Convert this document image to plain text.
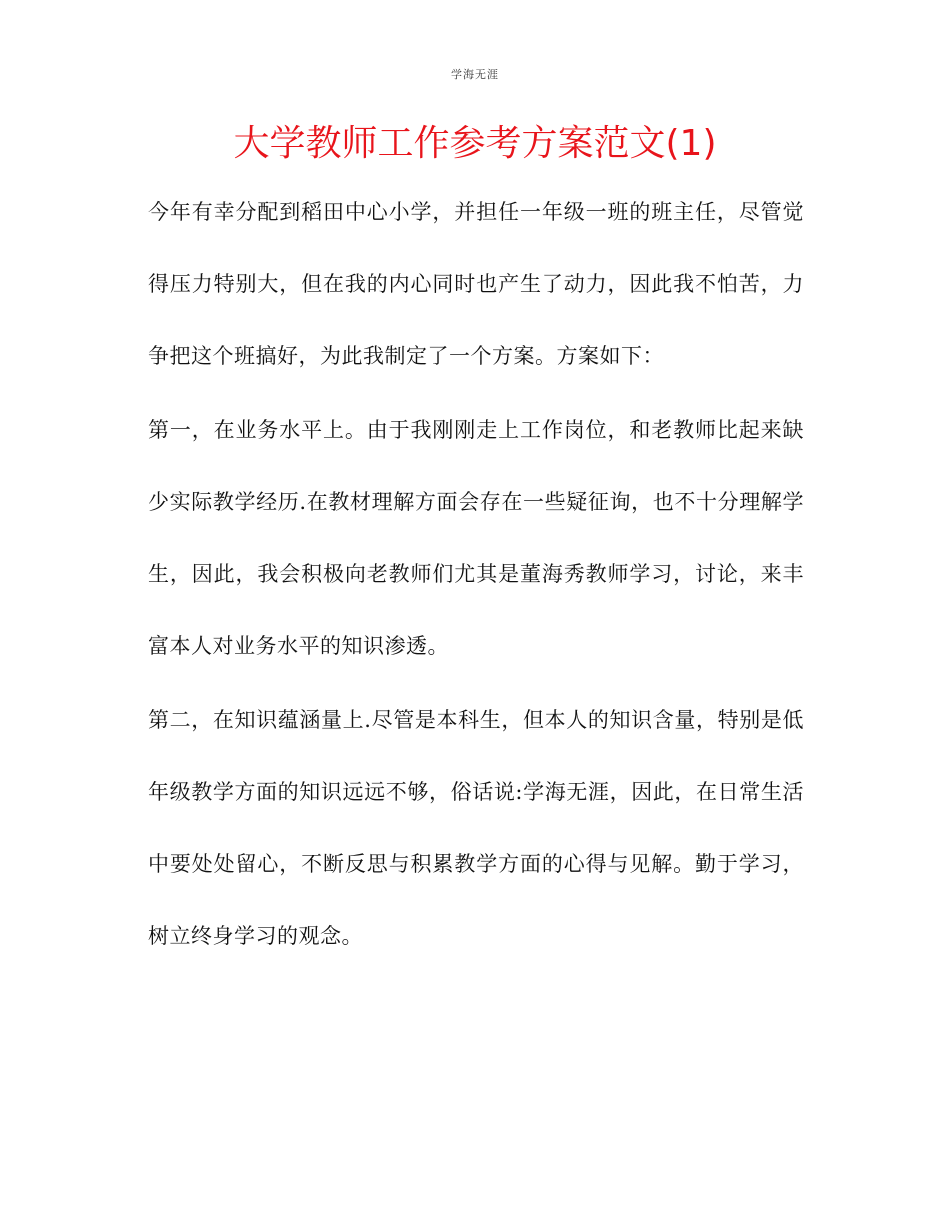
学海无涯
大学教师工作参考方案范文(1)

今年有幸分配到稻田中心小学，并担任一年级一班的班主任，尽管觉得压力特别大，但在我的内心同时也产生了动力，因此我不怕苦，力争把这个班搞好，为此我制定了一个方案。方案如下：

第一，在业务水平上。由于我刚刚走上工作岗位，和老教师比起来缺少实际教学经历.在教材理解方面会存在一些疑征询，也不十分理解学生，因此，我会积极向老教师们尤其是董海秀教师学习，讨论，来丰富本人对业务水平的知识渗透。

第二，在知识蕴涵量上.尽管是本科生，但本人的知识含量，特别是低年级教学方面的知识远远不够，俗话说:学海无涯，因此，在日常生活中要处处留心，不断反思与积累教学方面的心得与见解。勤于学习，树立终身学习的观念。
